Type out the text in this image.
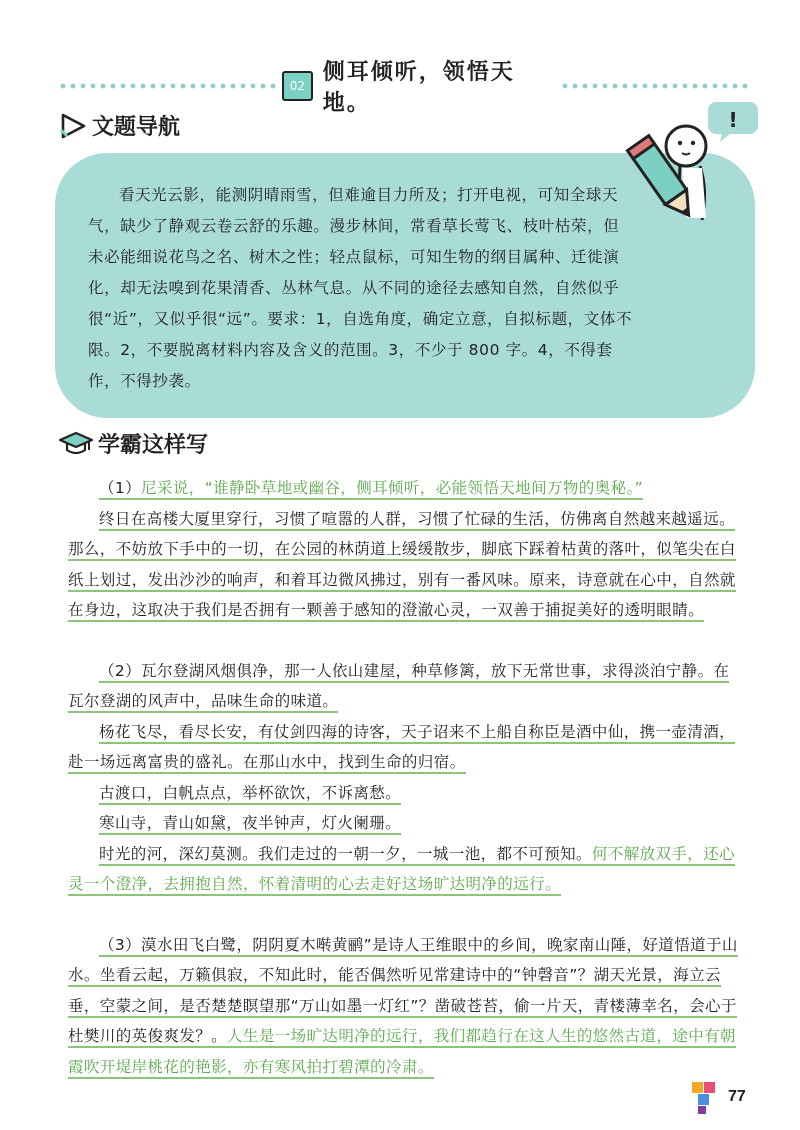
02
侧耳倾听，领悟天地。
文题导航

看天光云影，能测阴晴雨雪，但难逾目力所及；打开电视，可知全球天气，缺少了静观云卷云舒的乐趣。漫步林间，常看草长莺飞、枝叶枯荣，但未必能细说花鸟之名、树木之性；轻点鼠标，可知生物的纲目属种、迁徙演化，却无法嗅到花果清香、丛林气息。从不同的途径去感知自然，自然似乎很“近”，又似乎很“远”。要求：1，自选角度，确定立意，自拟标题，文体不限。2，不要脱离材料内容及含义的范围。3，不少于 800 字。4，不得套作，不得抄袭。

!
学霸这样写

（1）尼采说，“谁静卧草地或幽谷，侧耳倾听，必能领悟天地间万物的奥秘。”

终日在高楼大厦里穿行，习惯了喧嚣的人群，习惯了忙碌的生活，仿佛离自然越来越遥远。那么，不妨放下手中的一切，在公园的林荫道上缓缓散步，脚底下踩着枯黄的落叶，似笔尖在白纸上划过，发出沙沙的响声，和着耳边微风拂过，别有一番风味。原来，诗意就在心中，自然就在身边，这取决于我们是否拥有一颗善于感知的澄澈心灵，一双善于捕捉美好的透明眼睛。

（2）瓦尔登湖风烟俱净，那一人依山建屋，种草修篱，放下无常世事，求得淡泊宁静。在瓦尔登湖的风声中，品味生命的味道。

杨花飞尽，看尽长安，有仗剑四海的诗客，天子诏来不上船自称臣是酒中仙，携一壶清酒，赴一场远离富贵的盛礼。在那山水中，找到生命的归宿。

古渡口，白帆点点，举杯欲饮，不诉离愁。

寒山寺，青山如黛，夜半钟声，灯火阑珊。

时光的河，深幻莫测。我们走过的一朝一夕，一城一池，都不可预知。何不解放双手，还心灵一个澄净，去拥抱自然，怀着清明的心去走好这场旷达明净的远行。

（3）漠水田飞白鹭，阴阴夏木啭黄鹂”是诗人王维眼中的乡间，晚家南山陲，好道悟道于山水。坐看云起，万籁俱寂，不知此时，能否偶然听见常建诗中的“钟磬音”？湖天光景，海立云垂，空蒙之间，是否楚楚瞑望那“万山如墨一灯红”？凿破苍苔，偷一片天，青楼薄幸名，会心于杜樊川的英俊爽发？。人生是一场旷达明净的远行，我们都趋行在这人生的悠然古道，途中有朝霞吹开堤岸桃花的艳影，亦有寒风拍打碧潭的冷肃。

77
